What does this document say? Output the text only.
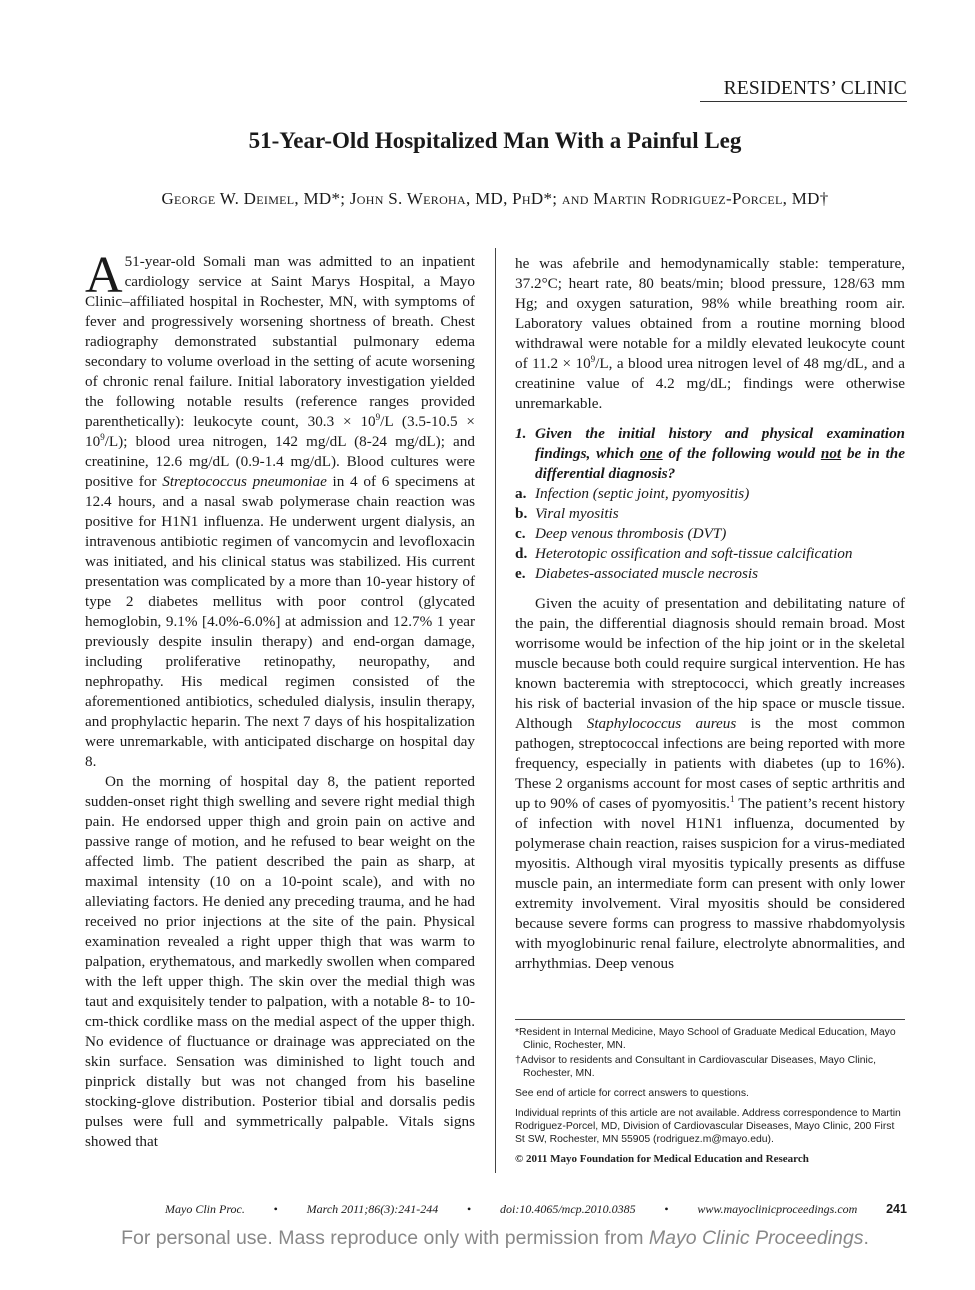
RESIDENTS’ CLINIC
51-Year-Old Hospitalized Man With a Painful Leg
George W. Deimel, MD*; John S. Weroha, MD, PhD*; and Martin Rodriguez-Porcel, MD†

A 51-year-old Somali man was admitted to an inpatient cardiology service at Saint Marys Hospital, a Mayo Clinic–affiliated hospital in Rochester, MN, with symptoms of fever and progressively worsening shortness of breath. Chest radiography demonstrated substantial pulmonary edema secondary to volume overload in the setting of acute worsening of chronic renal failure. Initial laboratory investigation yielded the following notable results (reference ranges provided parenthetically): leukocyte count, $30.3 \times 10^9/L$ $(3.5-10.5 \times 10^9/L)$; blood urea nitrogen, 142 mg/dL (8-24 mg/dL); and creatinine, 12.6 mg/dL (0.9-1.4 mg/dL). Blood cultures were positive for Streptococcus pneumoniae in 4 of 6 specimens at 12.4 hours, and a nasal swab polymerase chain reaction was positive for H1N1 influenza. He underwent urgent dialysis, an intravenous antibiotic regimen of vancomycin and levofloxacin was initiated, and his clinical status was stabilized. His current presentation was complicated by a more than 10-year history of type 2 diabetes mellitus with poor control (glycated hemoglobin, 9.1% [4.0%-6.0%] at admission and 12.7% 1 year previously despite insulin therapy) and end-organ damage, including proliferative retinopathy, neuropathy, and nephropathy. His medical regimen consisted of the aforementioned antibiotics, scheduled dialysis, insulin therapy, and prophylactic heparin. The next 7 days of his hospitalization were unremarkable, with anticipated discharge on hospital day 8.

On the morning of hospital day 8, the patient reported sudden-onset right thigh swelling and severe right medial thigh pain. He endorsed upper thigh and groin pain on active and passive range of motion, and he refused to bear weight on the affected limb. The patient described the pain as sharp, at maximal intensity (10 on a 10-point scale), and with no alleviating factors. He denied any preceding trauma, and he had received no prior injections at the site of the pain. Physical examination revealed a right upper thigh that was warm to palpation, erythematous, and markedly swollen when compared with the left upper thigh. The skin over the medial thigh was taut and exquisitely tender to palpation, with a notable 8- to 10-cm-thick cordlike mass on the medial aspect of the upper thigh. No evidence of fluctuance or drainage was appreciated on the skin surface. Sensation was diminished to light touch and pinprick distally but was not changed from his baseline stocking-glove distribution. Posterior tibial and dorsalis pedis pulses were full and symmetrically palpable. Vitals signs showed that

he was afebrile and hemodynamically stable: temperature, 37.2°C; heart rate, 80 beats/min; blood pressure, 128/63 mm Hg; and oxygen saturation, 98% while breathing room air. Laboratory values obtained from a routine morning blood withdrawal were notable for a mildly elevated leukocyte count of $11.2 \times 10^9/L$, a blood urea nitrogen level of 48 mg/dL, and a creatinine value of 4.2 mg/dL; findings were otherwise unremarkable.

1. Given the initial history and physical examination findings, which one of the following would not be in the differential diagnosis?

a. Infection (septic joint, pyomyositis)

b. Viral myositis

c. Deep venous thrombosis (DVT)

d. Heterotopic ossification and soft-tissue calcification

e. Diabetes-associated muscle necrosis

Given the acuity of presentation and debilitating nature of the pain, the differential diagnosis should remain broad. Most worrisome would be infection of the hip joint or in the skeletal muscle because both could require surgical intervention. He has known bacteremia with streptococci, which greatly increases his risk of bacterial invasion of the hip space or muscle tissue. Although Staphylococcus aureus is the most common pathogen, streptococcal infections are being reported with more frequency, especially in patients with diabetes (up to 16%). These 2 organisms account for most cases of septic arthritis and up to 90% of cases of pyomyositis.$^1$ The patient’s recent history of infection with novel H1N1 influenza, documented by polymerase chain reaction, raises suspicion for a virus-mediated myositis. Although viral myositis typically presents as diffuse muscle pain, an intermediate form can present with only lower extremity involvement. Viral myositis should be considered because severe forms can progress to massive rhabdomyolysis with myoglobinuric renal failure, electrolyte abnormalities, and arrhythmias. Deep venous

*Resident in Internal Medicine, Mayo School of Graduate Medical Education, Mayo Clinic, Rochester, MN.

†Advisor to residents and Consultant in Cardiovascular Diseases, Mayo Clinic, Rochester, MN.

See end of article for correct answers to questions.

Individual reprints of this article are not available. Address correspondence to Martin Rodriguez-Porcel, MD, Division of Cardiovascular Diseases, Mayo Clinic, 200 First St SW, Rochester, MN 55905 (rodriguez.m@mayo.edu).

© 2011 Mayo Foundation for Medical Education and Research

Mayo Clin Proc. • March 2011;86(3):241-244 • doi:10.4065/mcp.2010.0385 • www.mayoclinicproceedings.com 241
For personal use. Mass reproduce only with permission from Mayo Clinic Proceedings.
